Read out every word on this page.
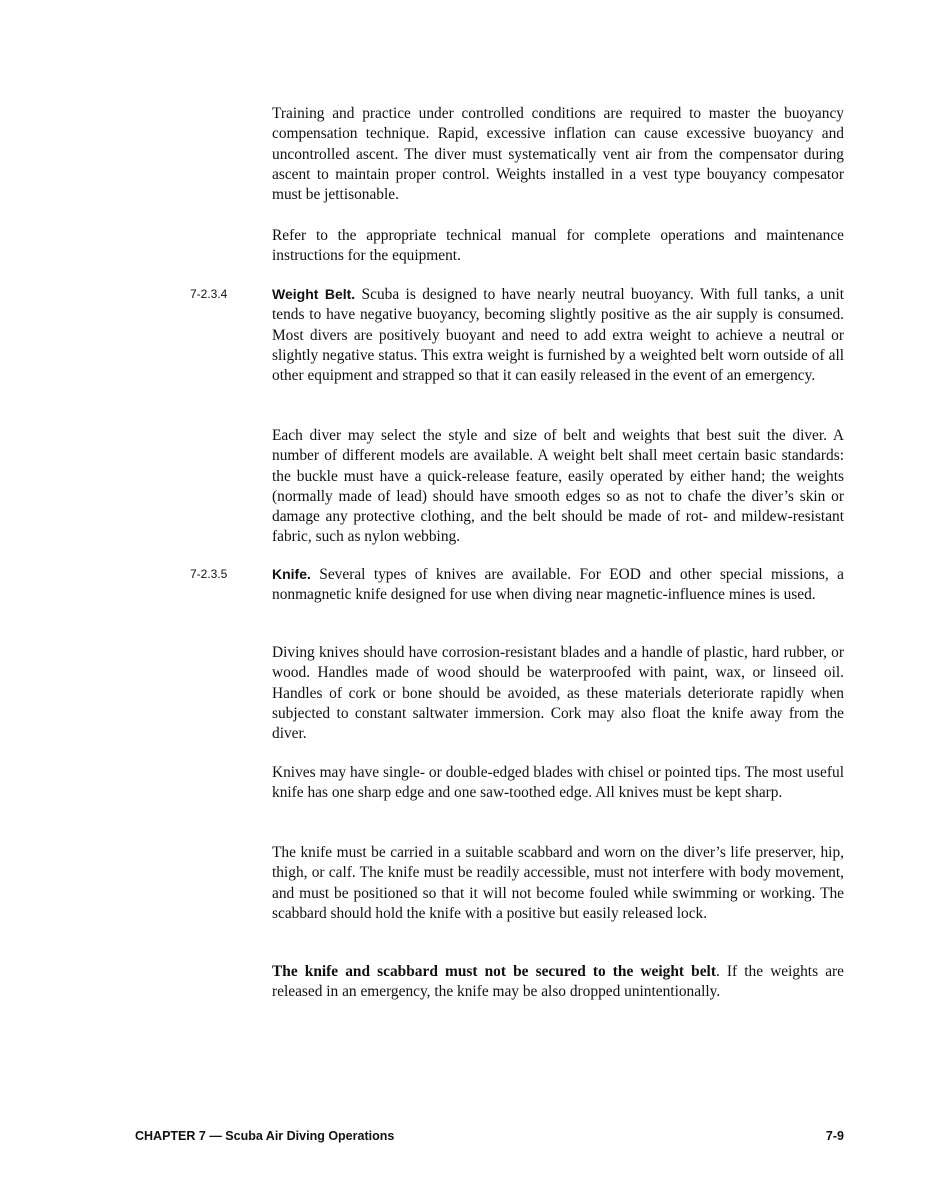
Training and practice under controlled conditions are required to master the buoyancy compensation technique. Rapid, excessive inflation can cause excessive buoyancy and uncontrolled ascent. The diver must systematically vent air from the compensator during ascent to maintain proper control. Weights installed in a vest type bouyancy compesator must be jettisonable.

Refer to the appropriate technical manual for complete operations and maintenance instructions for the equipment.

7-2.3.4	Weight Belt. Scuba is designed to have nearly neutral buoyancy. With full tanks, a unit tends to have negative buoyancy, becoming slightly positive as the air supply is consumed. Most divers are positively buoyant and need to add extra weight to achieve a neutral or slightly negative status. This extra weight is furnished by a weighted belt worn outside of all other equipment and strapped so that it can easily released in the event of an emergency.

Each diver may select the style and size of belt and weights that best suit the diver. A number of different models are available. A weight belt shall meet certain basic standards: the buckle must have a quick-release feature, easily operated by either hand; the weights (normally made of lead) should have smooth edges so as not to chafe the diver’s skin or damage any protective clothing, and the belt should be made of rot- and mildew-resistant fabric, such as nylon webbing.

7-2.3.5	Knife. Several types of knives are available. For EOD and other special missions, a nonmagnetic knife designed for use when diving near magnetic-influence mines is used.

Diving knives should have corrosion-resistant blades and a handle of plastic, hard rubber, or wood. Handles made of wood should be waterproofed with paint, wax, or linseed oil. Handles of cork or bone should be avoided, as these materials deteriorate rapidly when subjected to constant saltwater immersion. Cork may also float the knife away from the diver.

Knives may have single- or double-edged blades with chisel or pointed tips. The most useful knife has one sharp edge and one saw-toothed edge. All knives must be kept sharp.

The knife must be carried in a suitable scabbard and worn on the diver’s life preserver, hip, thigh, or calf. The knife must be readily accessible, must not interfere with body movement, and must be positioned so that it will not become fouled while swimming or working. The scabbard should hold the knife with a positive but easily released lock.

The knife and scabbard must not be secured to the weight belt. If the weights are released in an emergency, the knife may be also dropped unintentionally.

CHAPTER 7 — Scuba Air Diving Operations	7-9
